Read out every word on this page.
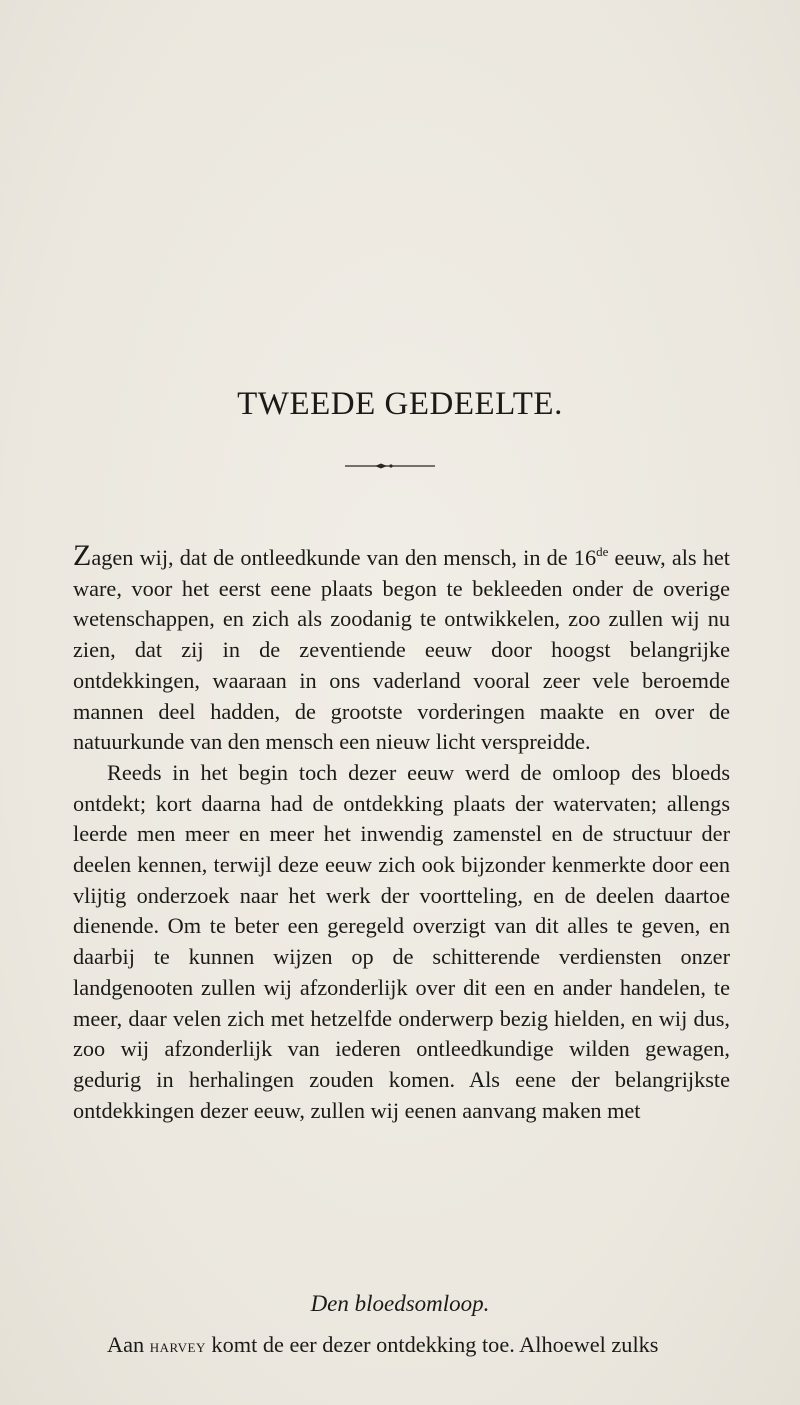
TWEEDE GEDEELTE.

Zagen wij, dat de ontleedkunde van den mensch, in de 16de eeuw, als het ware, voor het eerst eene plaats begon te bekleeden onder de overige wetenschappen, en zich als zoodanig te ontwikkelen, zoo zullen wij nu zien, dat zij in de zeventiende eeuw door hoogst belangrijke ontdekkingen, waaraan in ons vaderland vooral zeer vele beroemde mannen deel hadden, de grootste vorderingen maakte en over de natuurkunde van den mensch een nieuw licht verspreidde.

Reeds in het begin toch dezer eeuw werd de omloop des bloeds ontdekt; kort daarna had de ontdekking plaats der watervaten; allengs leerde men meer en meer het inwendig zamenstel en de structuur der deelen kennen, terwijl deze eeuw zich ook bijzonder kenmerkte door een vlijtig onderzoek naar het werk der voortteling, en de deelen daartoe dienende. Om te beter een geregeld overzigt van dit alles te geven, en daarbij te kunnen wijzen op de schitterende verdiensten onzer landgenooten zullen wij afzonderlijk over dit een en ander handelen, te meer, daar velen zich met hetzelfde onderwerp bezig hielden, en wij dus, zoo wij afzonderlijk van iederen ontleedkundige wilden gewagen, gedurig in herhalingen zouden komen. Als eene der belangrijkste ontdekkingen dezer eeuw, zullen wij eenen aanvang maken met

Den bloedsomloop.
Aan harvey komt de eer dezer ontdekking toe. Alhoewel zulks
